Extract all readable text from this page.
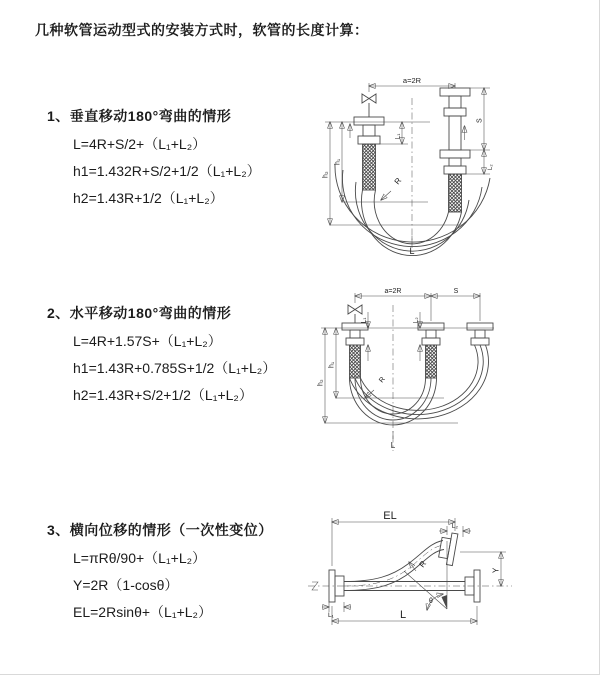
几种软管运动型式的安装方式时，软管的长度计算：
1、垂直移动180°弯曲的情形
L=4R+S/2+（L₁+L₂）
h1=1.432R+S/2+1/2（L₁+L₂）
h2=1.43R+1/2（L₁+L₂）
2、水平移动180°弯曲的情形
L=4R+1.57S+（L₁+L₂）
h1=1.43R+0.785S+1/2（L₁+L₂）
h2=1.43R+S/2+1/2（L₁+L₂）
3、横向位移的情形（一次性变位）
L=πRθ/90+（L₁+L₂）
Y=2R（1-cosθ）
EL=2Rsinθ+（L₁+L₂）
a=2R
h₁
h₂
L₁
S
L₂
R
L
a=2R	S
h₁
h₂
L₁	L₂
R
L
EL
L₂
Y
R
θ
L₁	L
